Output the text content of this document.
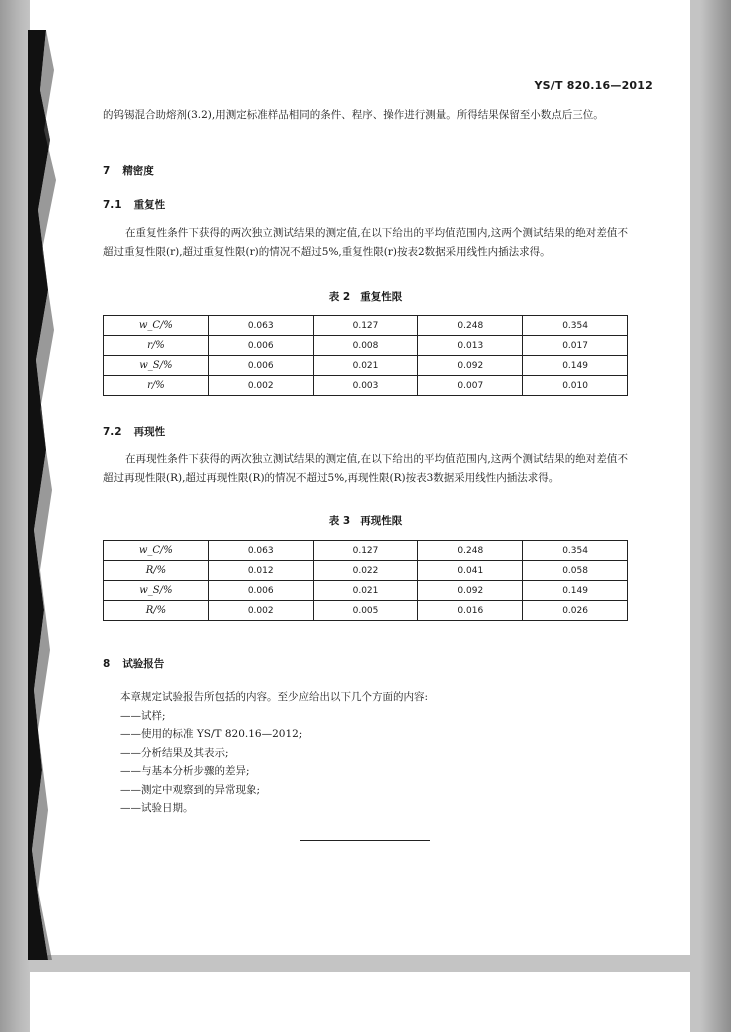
YS/T 820.16—2012
的钨锡混合助熔剂(3.2),用测定标准样品相同的条件、程序、操作进行测量。所得结果保留至小数点后三位。
7 精密度
7.1 重复性
在重复性条件下获得的两次独立测试结果的测定值,在以下给出的平均值范围内,这两个测试结果的绝对差值不超过重复性限(r),超过重复性限(r)的情况不超过5%,重复性限(r)按表2数据采用线性内插法求得。
表 2 重复性限
w_C/%	0.063	0.127	0.248	0.354
r/%	0.006	0.008	0.013	0.017
w_S/%	0.006	0.021	0.092	0.149
r/%	0.002	0.003	0.007	0.010
7.2 再现性
在再现性条件下获得的两次独立测试结果的测定值,在以下给出的平均值范围内,这两个测试结果的绝对差值不超过再现性限(R),超过再现性限(R)的情况不超过5%,再现性限(R)按表3数据采用线性内插法求得。
表 3 再现性限
w_C/%	0.063	0.127	0.248	0.354
R/%	0.012	0.022	0.041	0.058
w_S/%	0.006	0.021	0.092	0.149
R/%	0.002	0.005	0.016	0.026
8 试验报告
本章规定试验报告所包括的内容。至少应给出以下几个方面的内容:
——试样;
——使用的标准 YS/T 820.16—2012;
——分析结果及其表示;
——与基本分析步骤的差异;
——测定中观察到的异常现象;
——试验日期。
